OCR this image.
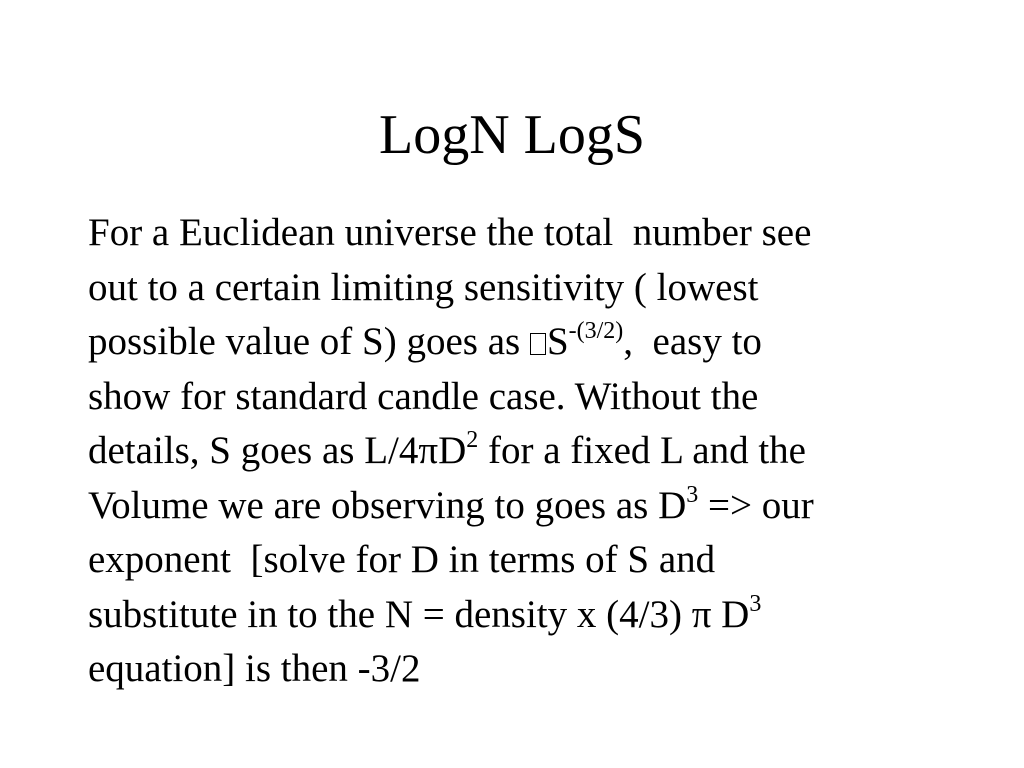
LogN LogS
For a Euclidean universe the total  number see
out to a certain limiting sensitivity ( lowest
possible value of S) goes as $S^{-(3/2)}$,  easy to
show for standard candle case. Without the
details, S goes as $L/4\pi D^2$ for a fixed L and the
Volume we are observing to goes as $D^3$ => our
exponent  [solve for D in terms of S and
substitute in to the N = density x (4/3) π $D^3$
equation] is then -3/2
